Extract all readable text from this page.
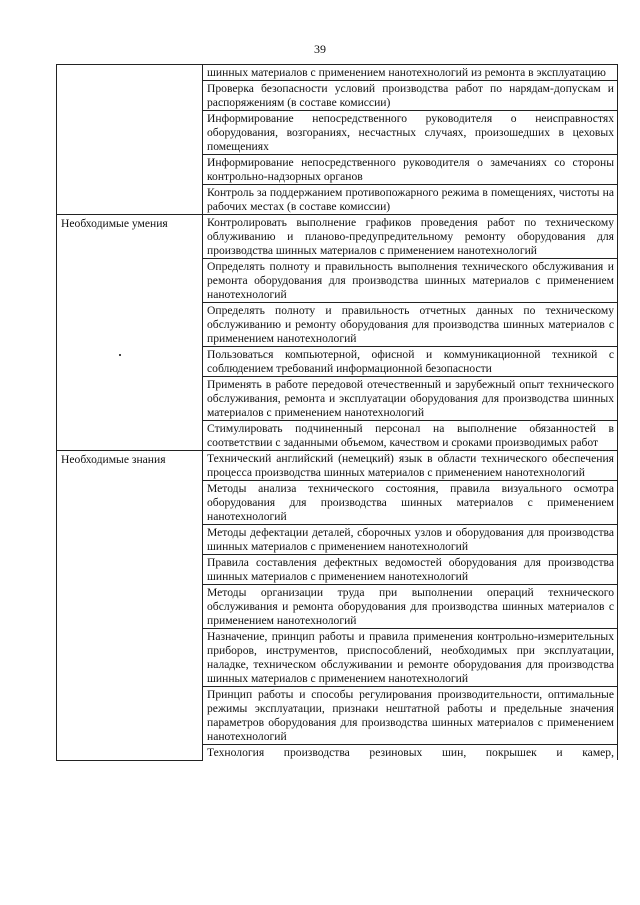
39
	шинных материалов с применением нанотехнологий из ремонта в эксплуатацию
	Проверка безопасности условий производства работ по нарядам-допускам и распоряжениям (в составе комиссии)
	Информирование непосредственного руководителя о неисправностях оборудования, возгораниях, несчастных случаях, произошедших в цеховых помещениях
	Информирование непосредственного руководителя о замечаниях со стороны контрольно-надзорных органов
	Контроль за поддержанием противопожарного режима в помещениях, чистоты на рабочих местах (в составе комиссии)
Необходимые умения	Контролировать выполнение графиков проведения работ по техническому облуживанию и планово-предупредительному ремонту оборудования для производства шинных материалов с применением нанотехнологий
	Определять полноту и правильность выполнения технического обслуживания и ремонта оборудования для производства шинных материалов с применением нанотехнологий
	Определять полноту и правильность отчетных данных по техническому обслуживанию и ремонту оборудования для производства шинных материалов с применением нанотехнологий
	Пользоваться компьютерной, офисной и коммуникационной техникой с соблюдением требований информационной безопасности
	Применять в работе передовой отечественный и зарубежный опыт технического обслуживания, ремонта и эксплуатации оборудования для производства шинных материалов с применением нанотехнологий
	Стимулировать подчиненный персонал на выполнение обязанностей в соответствии с заданными объемом, качеством и сроками производимых работ
Необходимые знания	Технический английский (немецкий) язык в области технического обеспечения процесса производства шинных материалов с применением нанотехнологий
	Методы анализа технического состояния, правила визуального осмотра оборудования для производства шинных материалов с применением нанотехнологий
	Методы дефектации деталей, сборочных узлов и оборудования для производства шинных материалов с применением нанотехнологий
	Правила составления дефектных ведомостей оборудования для производства шинных материалов с применением нанотехнологий
	Методы организации труда при выполнении операций технического обслуживания и ремонта оборудования для производства шинных материалов с применением нанотехнологий
	Назначение, принцип работы и правила применения контрольно-измерительных приборов, инструментов, приспособлений, необходимых при эксплуатации, наладке, техническом обслуживании и ремонте оборудования для производства шинных материалов с применением нанотехнологий
	Принцип работы и способы регулирования производительности, оптимальные режимы эксплуатации, признаки нештатной работы и предельные значения параметров оборудования для производства шинных материалов с применением нанотехнологий
	Технология производства резиновых шин, покрышек и камер,
